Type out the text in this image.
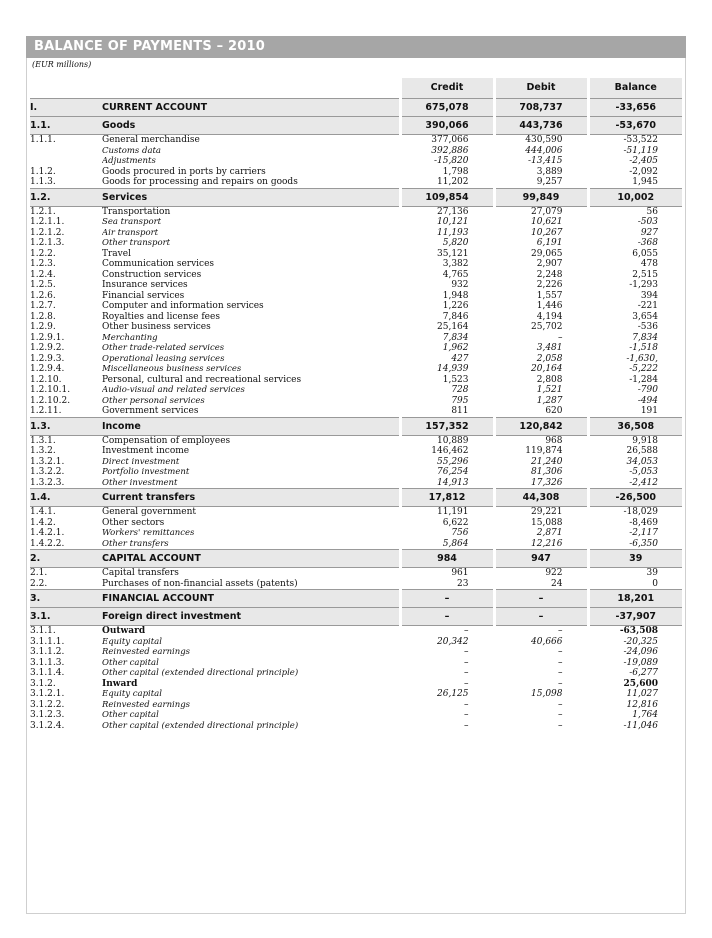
BALANCE OF PAYMENTS – 2010
(EUR millions)
		Credit	Debit	Balance
I.	CURRENT ACCOUNT	675,078	708,737	-33,656
1.1.	Goods	390,066	443,736	-53,670
1.1.1.	General merchandise	377,066	430,590	-53,522
	Customs data	392,886	444,006	-51,119
	Adjustments	-15,820	-13,415	-2,405
1.1.2.	Goods procured in ports by carriers	1,798	3,889	-2,092
1.1.3.	Goods for processing and repairs on goods	11,202	9,257	1,945
1.2.	Services	109,854	99,849	10,002
1.2.1.	Transportation	27,136	27,079	56
1.2.1.1.	Sea transport	10,121	10,621	-503
1.2.1.2.	Air transport	11,193	10,267	927
1.2.1.3.	Other transport	5,820	6,191	-368
1.2.2.	Travel	35,121	29,065	6,055
1.2.3.	Communication services	3,382	2,907	478
1.2.4.	Construction services	4,765	2,248	2,515
1.2.5.	Insurance services	932	2,226	-1,293
1.2.6.	Financial services	1,948	1,557	394
1.2.7.	Computer and information services	1,226	1,446	-221
1.2.8.	Royalties and license fees	7,846	4,194	3,654
1.2.9.	Other business services	25,164	25,702	-536
1.2.9.1.	Merchanting	7,834	–	7,834
1.2.9.2.	Other trade-related services	1,962	3,481	-1,518
1.2.9.3.	Operational leasing services	427	2,058	-1,630,
1.2.9.4.	Miscellaneous business services	14,939	20,164	-5,222
1.2.10.	Personal, cultural and recreational services	1,523	2,808	-1,284
1.2.10.1.	Audio-visual and related services	728	1,521	-790
1.2.10.2.	Other personal services	795	1,287	-494
1.2.11.	Government services	811	620	191
1.3.	Income	157,352	120,842	36,508
1.3.1.	Compensation of employees	10,889	968	9,918
1.3.2.	Investment income	146,462	119,874	26,588
1.3.2.1.	Direct investment	55,296	21,240	34,053
1.3.2.2.	Portfolio investment	76,254	81,306	-5,053
1.3.2.3.	Other investment	14,913	17,326	-2,412
1.4.	Current transfers	17,812	44,308	-26,500
1.4.1.	General government	11,191	29,221	-18,029
1.4.2.	Other sectors	6,622	15,088	-8,469
1.4.2.1.	Workers' remittances	756	2,871	-2,117
1.4.2.2.	Other transfers	5,864	12,216	-6,350
2.	CAPITAL ACCOUNT	984	947	39
2.1.	Capital transfers	961	922	39
2.2.	Purchases of non-financial assets (patents)	23	24	0
3.	FINANCIAL ACCOUNT	–	–	18,201
3.1.	Foreign direct investment	–	–	-37,907
3.1.1.	Outward	–	–	-63,508
3.1.1.1.	Equity capital	20,342	40,666	-20,325
3.1.1.2.	Reinvested earnings	–	–	-24,096
3.1.1.3.	Other capital	–	–	-19,089
3.1.1.4.	Other capital (extended directional principle)	–	–	-6,277
3.1.2.	Inward	–	–	25,600
3.1.2.1.	Equity capital	26,125	15,098	11,027
3.1.2.2.	Reinvested earnings	–	–	12,816
3.1.2.3.	Other capital	–	–	1,764
3.1.2.4.	Other capital (extended directional principle)	–	–	-11,046
